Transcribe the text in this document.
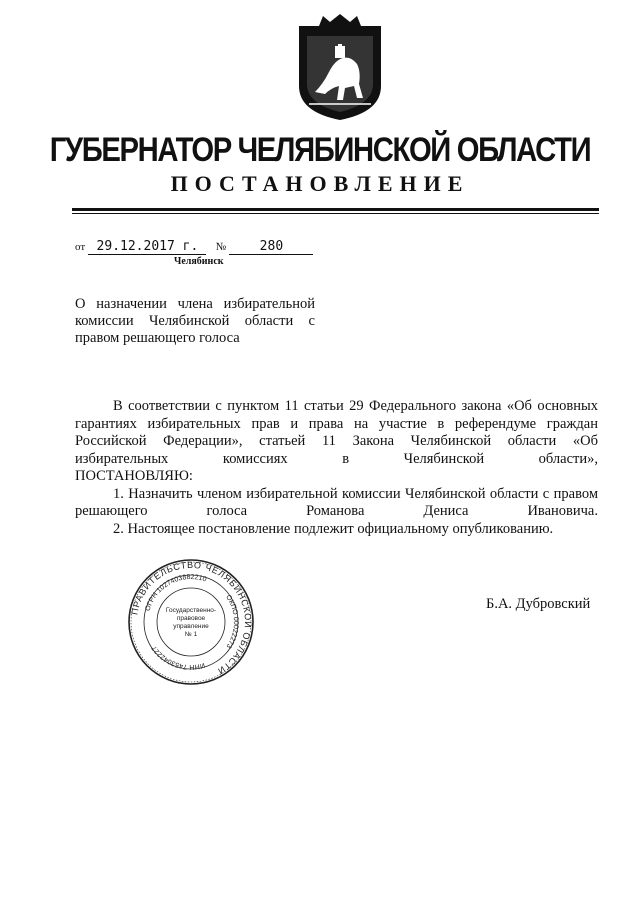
ГУБЕРНАТОР ЧЕЛЯБИНСКОЙ ОБЛАСТИ
ПОСТАНОВЛЕНИЕ
от 29.12.2017 г. №	280
Челябинск
О назначении члена избирательной комиссии Челябинской области с правом решающего голоса

В соответствии с пунктом 11 статьи 29 Федерального закона «Об основных гарантиях избирательных прав и права на участие в референдуме граждан Российской Федерации», статьей 11 Закона Челябинской области «Об избирательных комиссиях в Челябинской области»,

ПОСТАНОВЛЯЮ:

1. Назначить членом избирательной комиссии Челябинской области с правом решающего голоса Романова Дениса Ивановича.

2. Настоящее постановление подлежит официальному опубликованию.

ПРАВИТЕЛЬСТВО ЧЕЛЯБИНСКОЙ ОБЛАСТИ
ОГРН 1027403882210
ОКПО 00022273
ИНН 7453042227
Государственно-
правовое
управление
№ 1
Б.А. Дубровский
